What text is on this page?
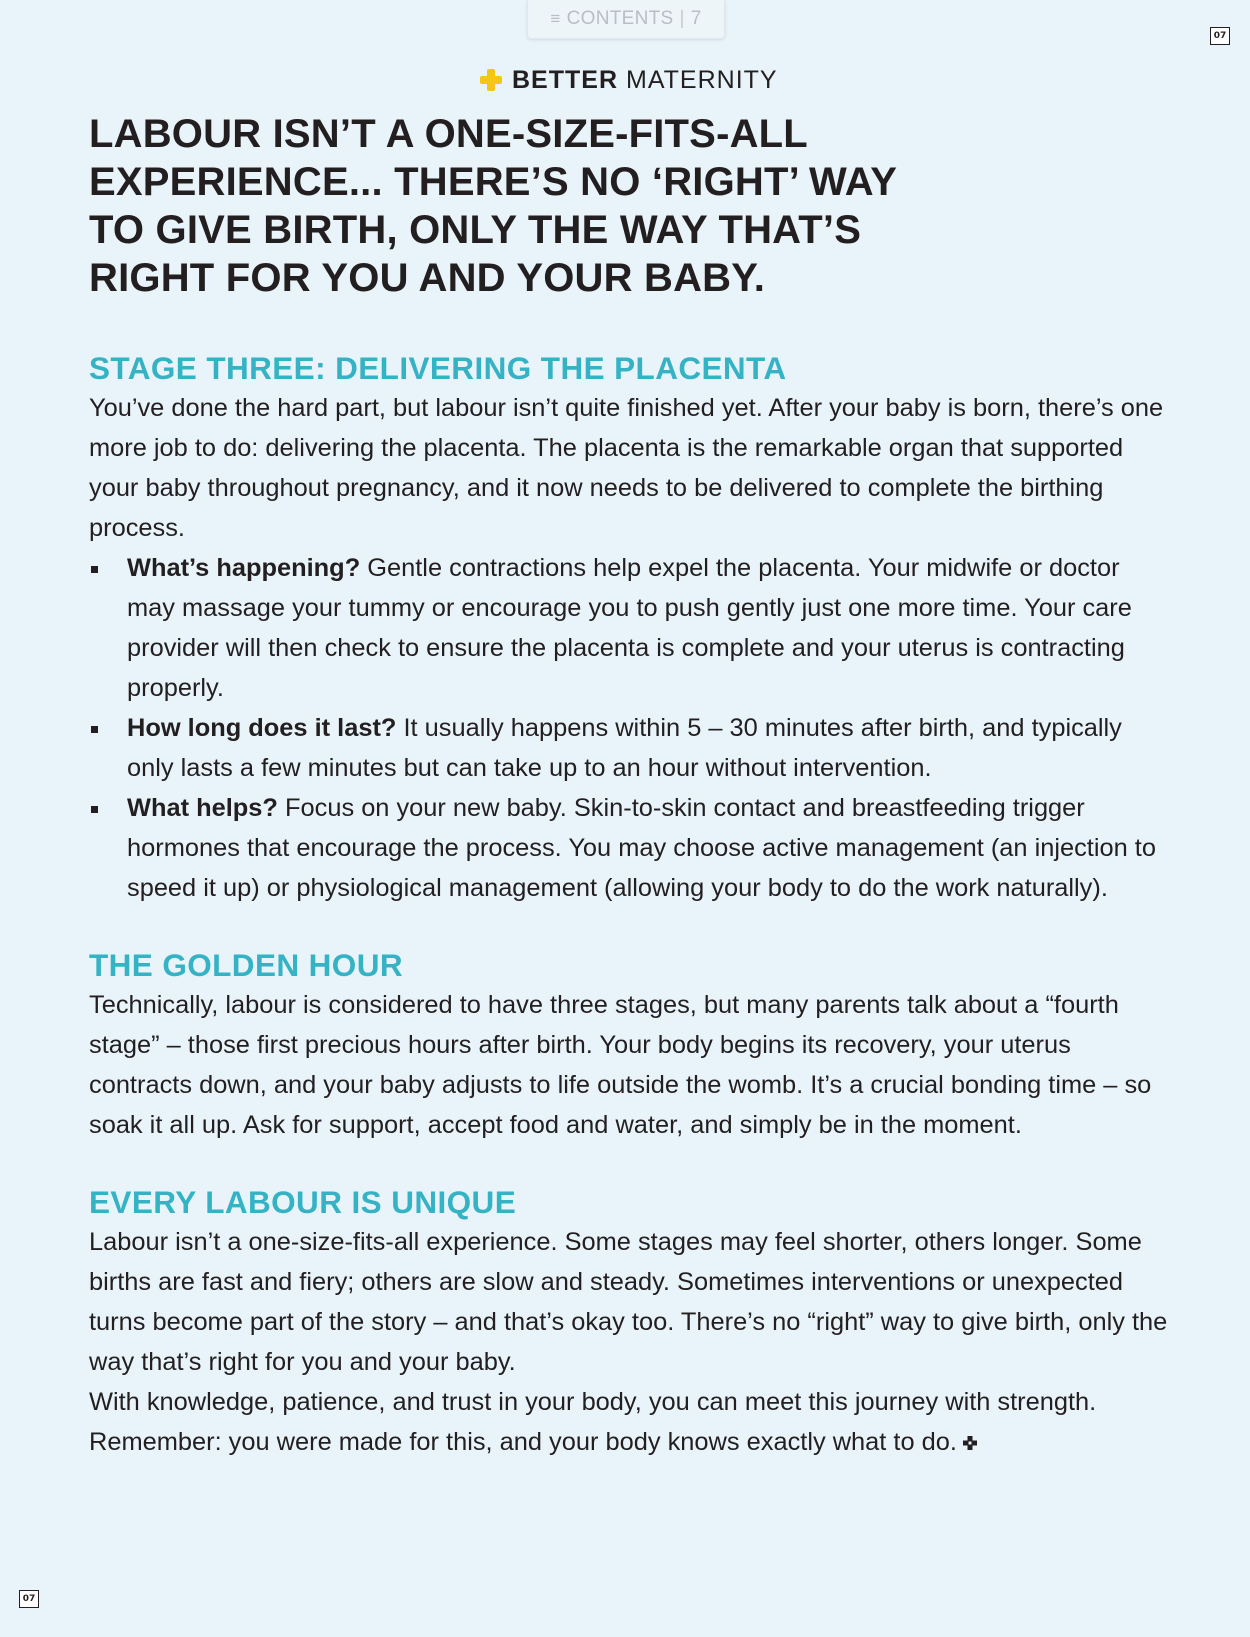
≡ CONTENTS | 7
07
07
BETTER MATERNITY
LABOUR ISN’T A ONE-SIZE-FITS-ALL EXPERIENCE... THERE’S NO ‘RIGHT’ WAY TO GIVE BIRTH, ONLY THE WAY THAT’S RIGHT FOR YOU AND YOUR BABY.
STAGE THREE: DELIVERING THE PLACENTA

You’ve done the hard part, but labour isn’t quite finished yet. After your baby is born, there’s one more job to do: delivering the placenta. The placenta is the remarkable organ that supported your baby throughout pregnancy, and it now needs to be delivered to complete the birthing process.

What’s happening? Gentle contractions help expel the placenta. Your midwife or doctor may massage your tummy or encourage you to push gently just one more time. Your care provider will then check to ensure the placenta is complete and your uterus is contracting properly.
How long does it last? It usually happens within 5 – 30 minutes after birth, and typically only lasts a few minutes but can take up to an hour without intervention.
What helps? Focus on your new baby. Skin-to-skin contact and breastfeeding trigger hormones that encourage the process. You may choose active management (an injection to speed it up) or physiological management (allowing your body to do the work naturally).
THE GOLDEN HOUR

Technically, labour is considered to have three stages, but many parents talk about a “fourth stage” – those first precious hours after birth. Your body begins its recovery, your uterus contracts down, and your baby adjusts to life outside the womb. It’s a crucial bonding time – so soak it all up. Ask for support, accept food and water, and simply be in the moment.

EVERY LABOUR IS UNIQUE

Labour isn’t a one-size-fits-all experience. Some stages may feel shorter, others longer. Some births are fast and fiery; others are slow and steady. Sometimes interventions or unexpected turns become part of the story – and that’s okay too. There’s no “right” way to give birth, only the way that’s right for you and your baby.

With knowledge, patience, and trust in your body, you can meet this journey with strength. Remember: you were made for this, and your body knows exactly what to do.
